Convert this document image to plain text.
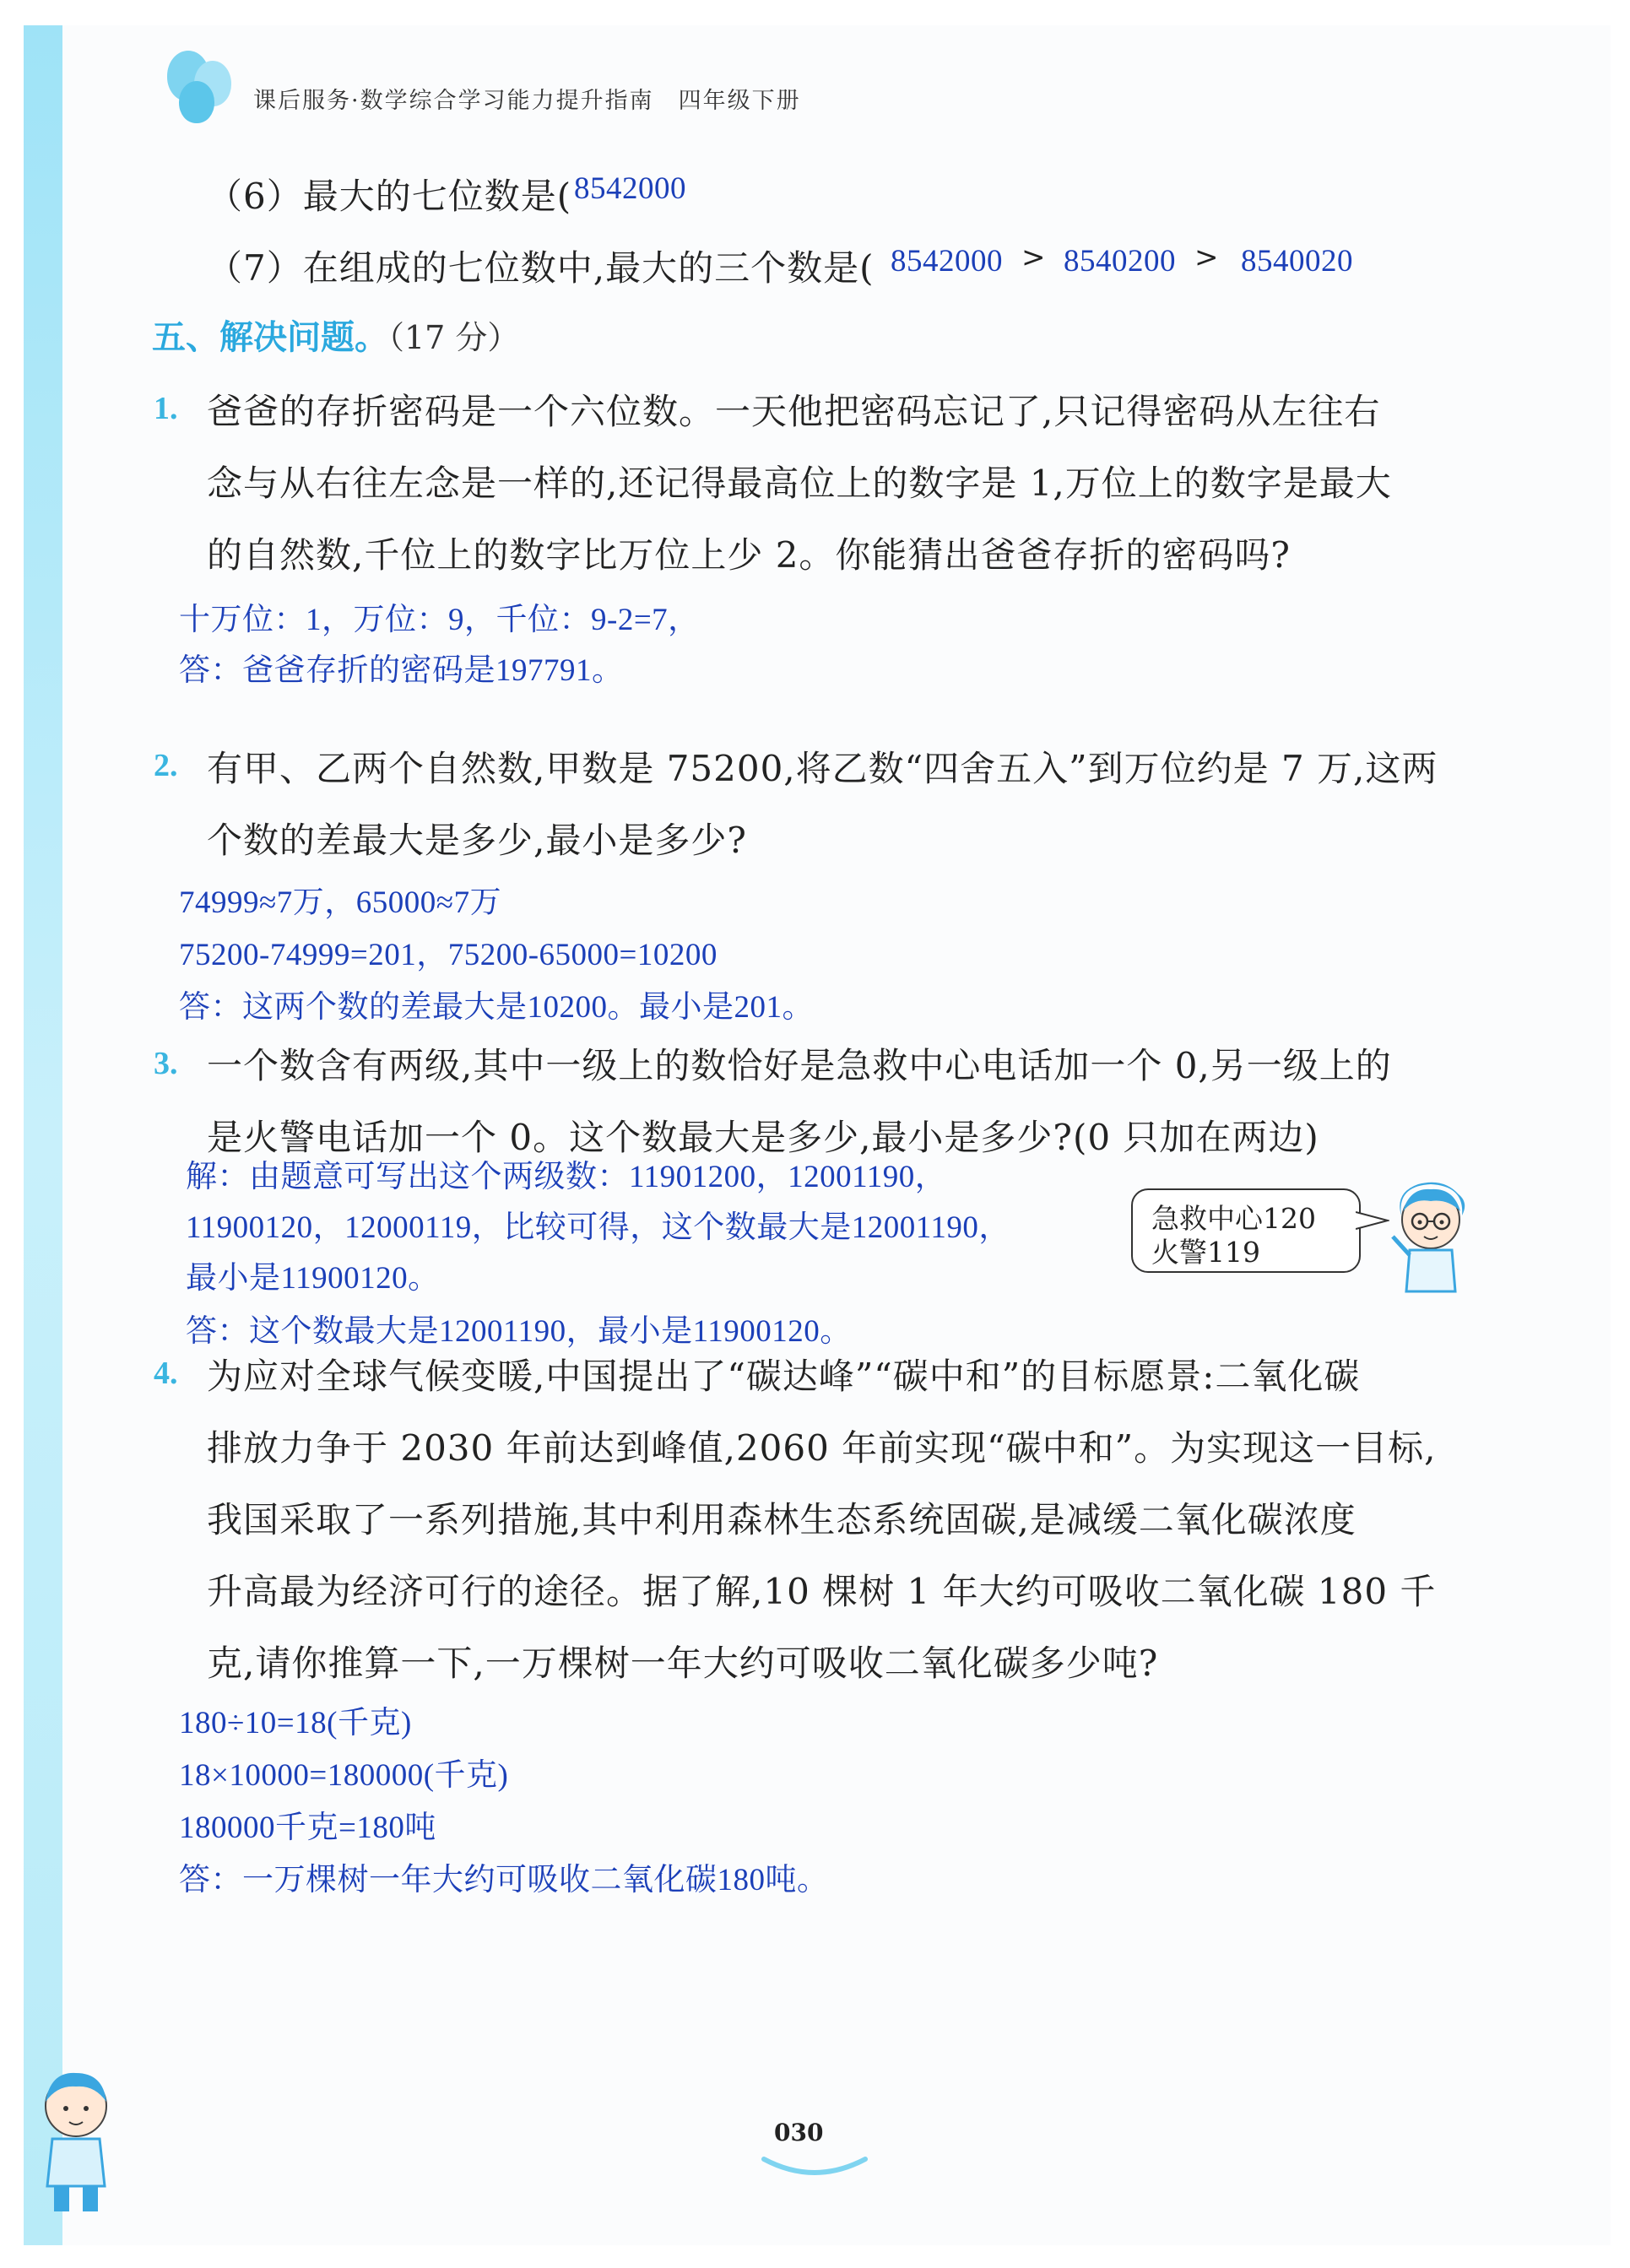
课后服务·数学综合学习能力提升指南　四年级下册
（6）最大的七位数是( 8542000
（7）在组成的七位数中,最大的三个数是( 8542000 > 8540200 > 8540020
五、解决问题。（17 分）
1. 爸爸的存折密码是一个六位数。一天他把密码忘记了,只记得密码从左往右
念与从右往左念是一样的,还记得最高位上的数字是 1,万位上的数字是最大
的自然数,千位上的数字比万位上少 2。你能猜出爸爸存折的密码吗?
十万位：1，万位：9，千位：9-2=7，
答：爸爸存折的密码是197791。
2. 有甲、乙两个自然数,甲数是 75200,将乙数“四舍五入”到万位约是 7 万,这两
个数的差最大是多少,最小是多少?
74999≈7万，65000≈7万
75200-74999=201，75200-65000=10200
答：这两个数的差最大是10200。最小是201。
3. 一个数含有两级,其中一级上的数恰好是急救中心电话加一个 0,另一级上的
是火警电话加一个 0。这个数最大是多少,最小是多少?(0 只加在两边)
解：由题意可写出这个两级数：11901200，12001190，
11900120，12000119，比较可得，这个数最大是12001190，
最小是11900120。
答：这个数最大是12001190，最小是11900120。
急救中心120
火警119
4. 为应对全球气候变暖,中国提出了“碳达峰”“碳中和”的目标愿景:二氧化碳
排放力争于 2030 年前达到峰值,2060 年前实现“碳中和”。为实现这一目标,
我国采取了一系列措施,其中利用森林生态系统固碳,是减缓二氧化碳浓度
升高最为经济可行的途径。据了解,10 棵树 1 年大约可吸收二氧化碳 180 千
克,请你推算一下,一万棵树一年大约可吸收二氧化碳多少吨?
180÷10=18(千克)
18×10000=180000(千克)
180000千克=180吨
答：一万棵树一年大约可吸收二氧化碳180吨。
030
